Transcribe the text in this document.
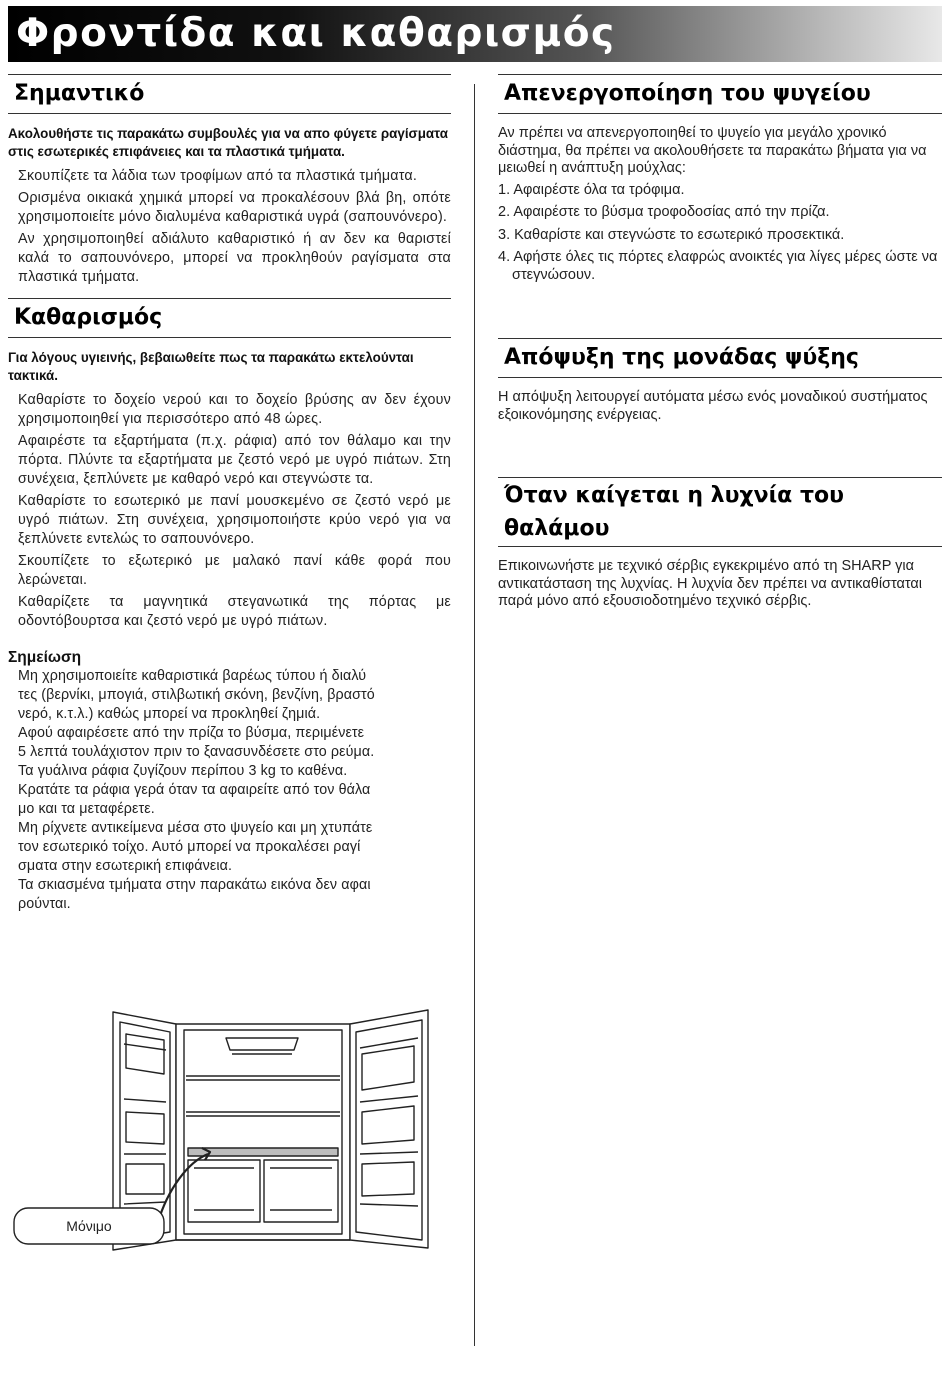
Φροντίδα και καθαρισμός
Σημαντικό

Ακολουθήστε τις παρακάτω συμβουλές για να απο φύγετε ραγίσματα στις εσωτερικές επιφάνειες και τα πλαστικά τμήματα.

Σκουπίζετε τα λάδια των τροφίμων από τα πλαστικά τμήματα.

Ορισμένα οικιακά χημικά μπορεί να προκαλέσουν βλά βη, οπότε χρησιμοποιείτε μόνο διαλυμένα καθαριστικά υγρά (σαπουνόνερο).

Αν χρησιμοποιηθεί αδιάλυτο καθαριστικό ή αν δεν κα θαριστεί καλά το σαπουνόνερο, μπορεί να προκληθούν ραγίσματα στα πλαστικά τμήματα.

Καθαρισμός

Για λόγους υγιεινής, βεβαιωθείτε πως τα παρακάτω εκτελούνται τακτικά.

Καθαρίστε το δοχείο νερού και το δοχείο βρύσης αν δεν έχουν χρησιμοποιηθεί για περισσότερο από 48 ώρες.

Αφαιρέστε τα εξαρτήματα (π.χ. ράφια) από τον θάλαμο και την πόρτα. Πλύντε τα εξαρτήματα με ζεστό νερό με υγρό πιάτων. Στη συνέχεια, ξεπλύνετε με καθαρό νερό και στεγνώστε τα.

Καθαρίστε το εσωτερικό με πανί μουσκεμένο σε ζεστό νερό με υγρό πιάτων. Στη συνέχεια, χρησιμοποιήστε κρύο νερό για να ξεπλύνετε εντελώς το σαπουνόνερο.

Σκουπίζετε το εξωτερικό με μαλακό πανί κάθε φορά που λερώνεται.

Καθαρίζετε τα μαγνητικά στεγανωτικά της πόρτας με οδοντόβουρτσα και ζεστό νερό με υγρό πιάτων.

Σημείωση

Μη χρησιμοποιείτε καθαριστικά βαρέως τύπου ή διαλύ

τες (βερνίκι, μπογιά, στιλβωτική σκόνη, βενζίνη, βραστό

νερό, κ.τ.λ.) καθώς μπορεί να προκληθεί ζημιά.

Αφού αφαιρέσετε από την πρίζα το βύσμα, περιμένετε

5 λεπτά τουλάχιστον πριν το ξανασυνδέσετε στο ρεύμα.

Τα γυάλινα ράφια ζυγίζουν περίπου 3 kg το καθένα.

Κρατάτε τα ράφια γερά όταν τα αφαιρείτε από τον θάλα

μο και τα μεταφέρετε.

Μη ρίχνετε αντικείμενα μέσα στο ψυγείο και μη χτυπάτε

τον εσωτερικό τοίχο. Αυτό μπορεί να προκαλέσει ραγί

σματα στην εσωτερική επιφάνεια.

Τα σκιασμένα τμήματα στην παρακάτω εικόνα δεν αφαι

ρούνται.

Μόνιμο
Απενεργοποίηση του ψυγείου

Αν πρέπει να απενεργοποιηθεί το ψυγείο για μεγάλο χρονικό διάστημα, θα πρέπει να ακολουθήσετε τα παρακάτω βήματα για να μειωθεί η ανάπτυξη μούχλας:

1. Αφαιρέστε όλα τα τρόφιμα.
2. Αφαιρέστε το βύσμα τροφοδοσίας από την πρίζα.
3. Καθαρίστε και στεγνώστε το εσωτερικό προσεκτικά.
4. Αφήστε όλες τις πόρτες ελαφρώς ανοικτές για λίγες μέρες ώστε να στεγνώσουν.
Απόψυξη της μονάδας ψύξης

Η απόψυξη λειτουργεί αυτόματα μέσω ενός μοναδικού συστήματος εξοικονόμησης ενέργειας.

Όταν καίγεται η λυχνία του
θαλάμου

Επικοινωνήστε με τεχνικό σέρβις εγκεκριμένο από τη SHARP για αντικατάσταση της λυχνίας. Η λυχνία δεν πρέπει να αντικαθίσταται παρά μόνο από εξουσιοδοτημένο τεχνικό σέρβις.
